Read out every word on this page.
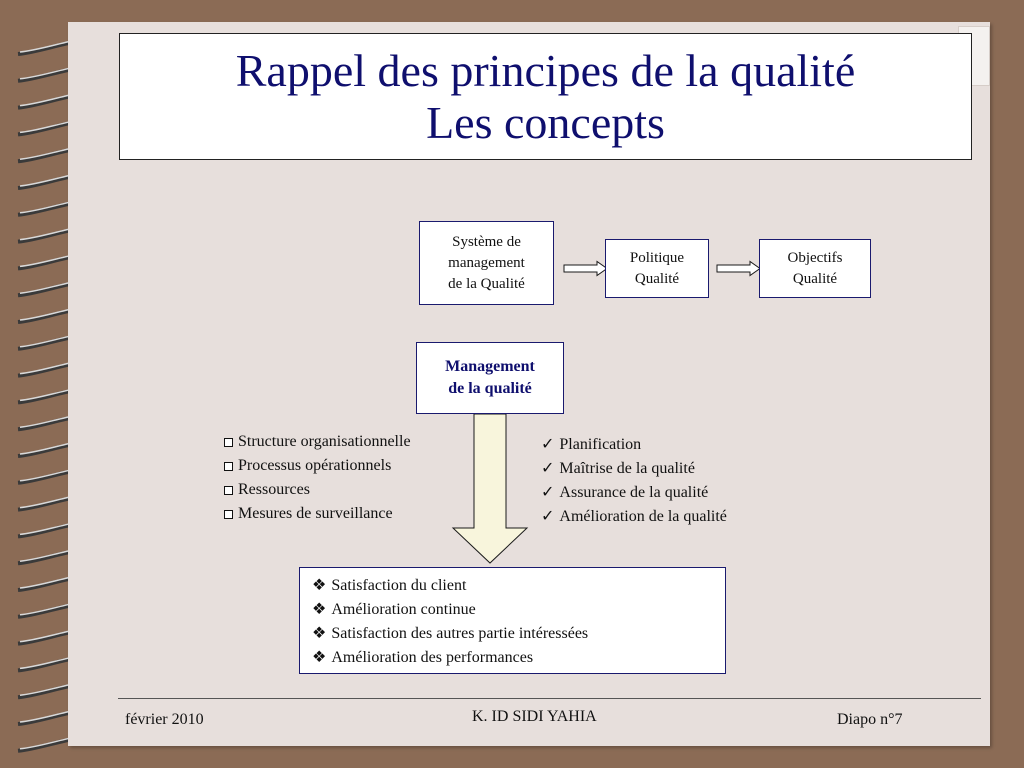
Rappel des principes de la qualité
Les concepts
Système de
management
de la Qualité
Politique
Qualité
Objectifs
Qualité
Management
de la qualité
Structure organisationnelle
Processus opérationnels
Ressources
Mesures de surveillance
✓ Planification
✓ Maîtrise de la qualité
✓ Assurance de la qualité
✓ Amélioration de la qualité
❖ Satisfaction du client
❖ Amélioration continue
❖ Satisfaction des autres partie intéressées
❖ Amélioration des performances
février 2010	K. ID SIDI YAHIA	Diapo n°7
